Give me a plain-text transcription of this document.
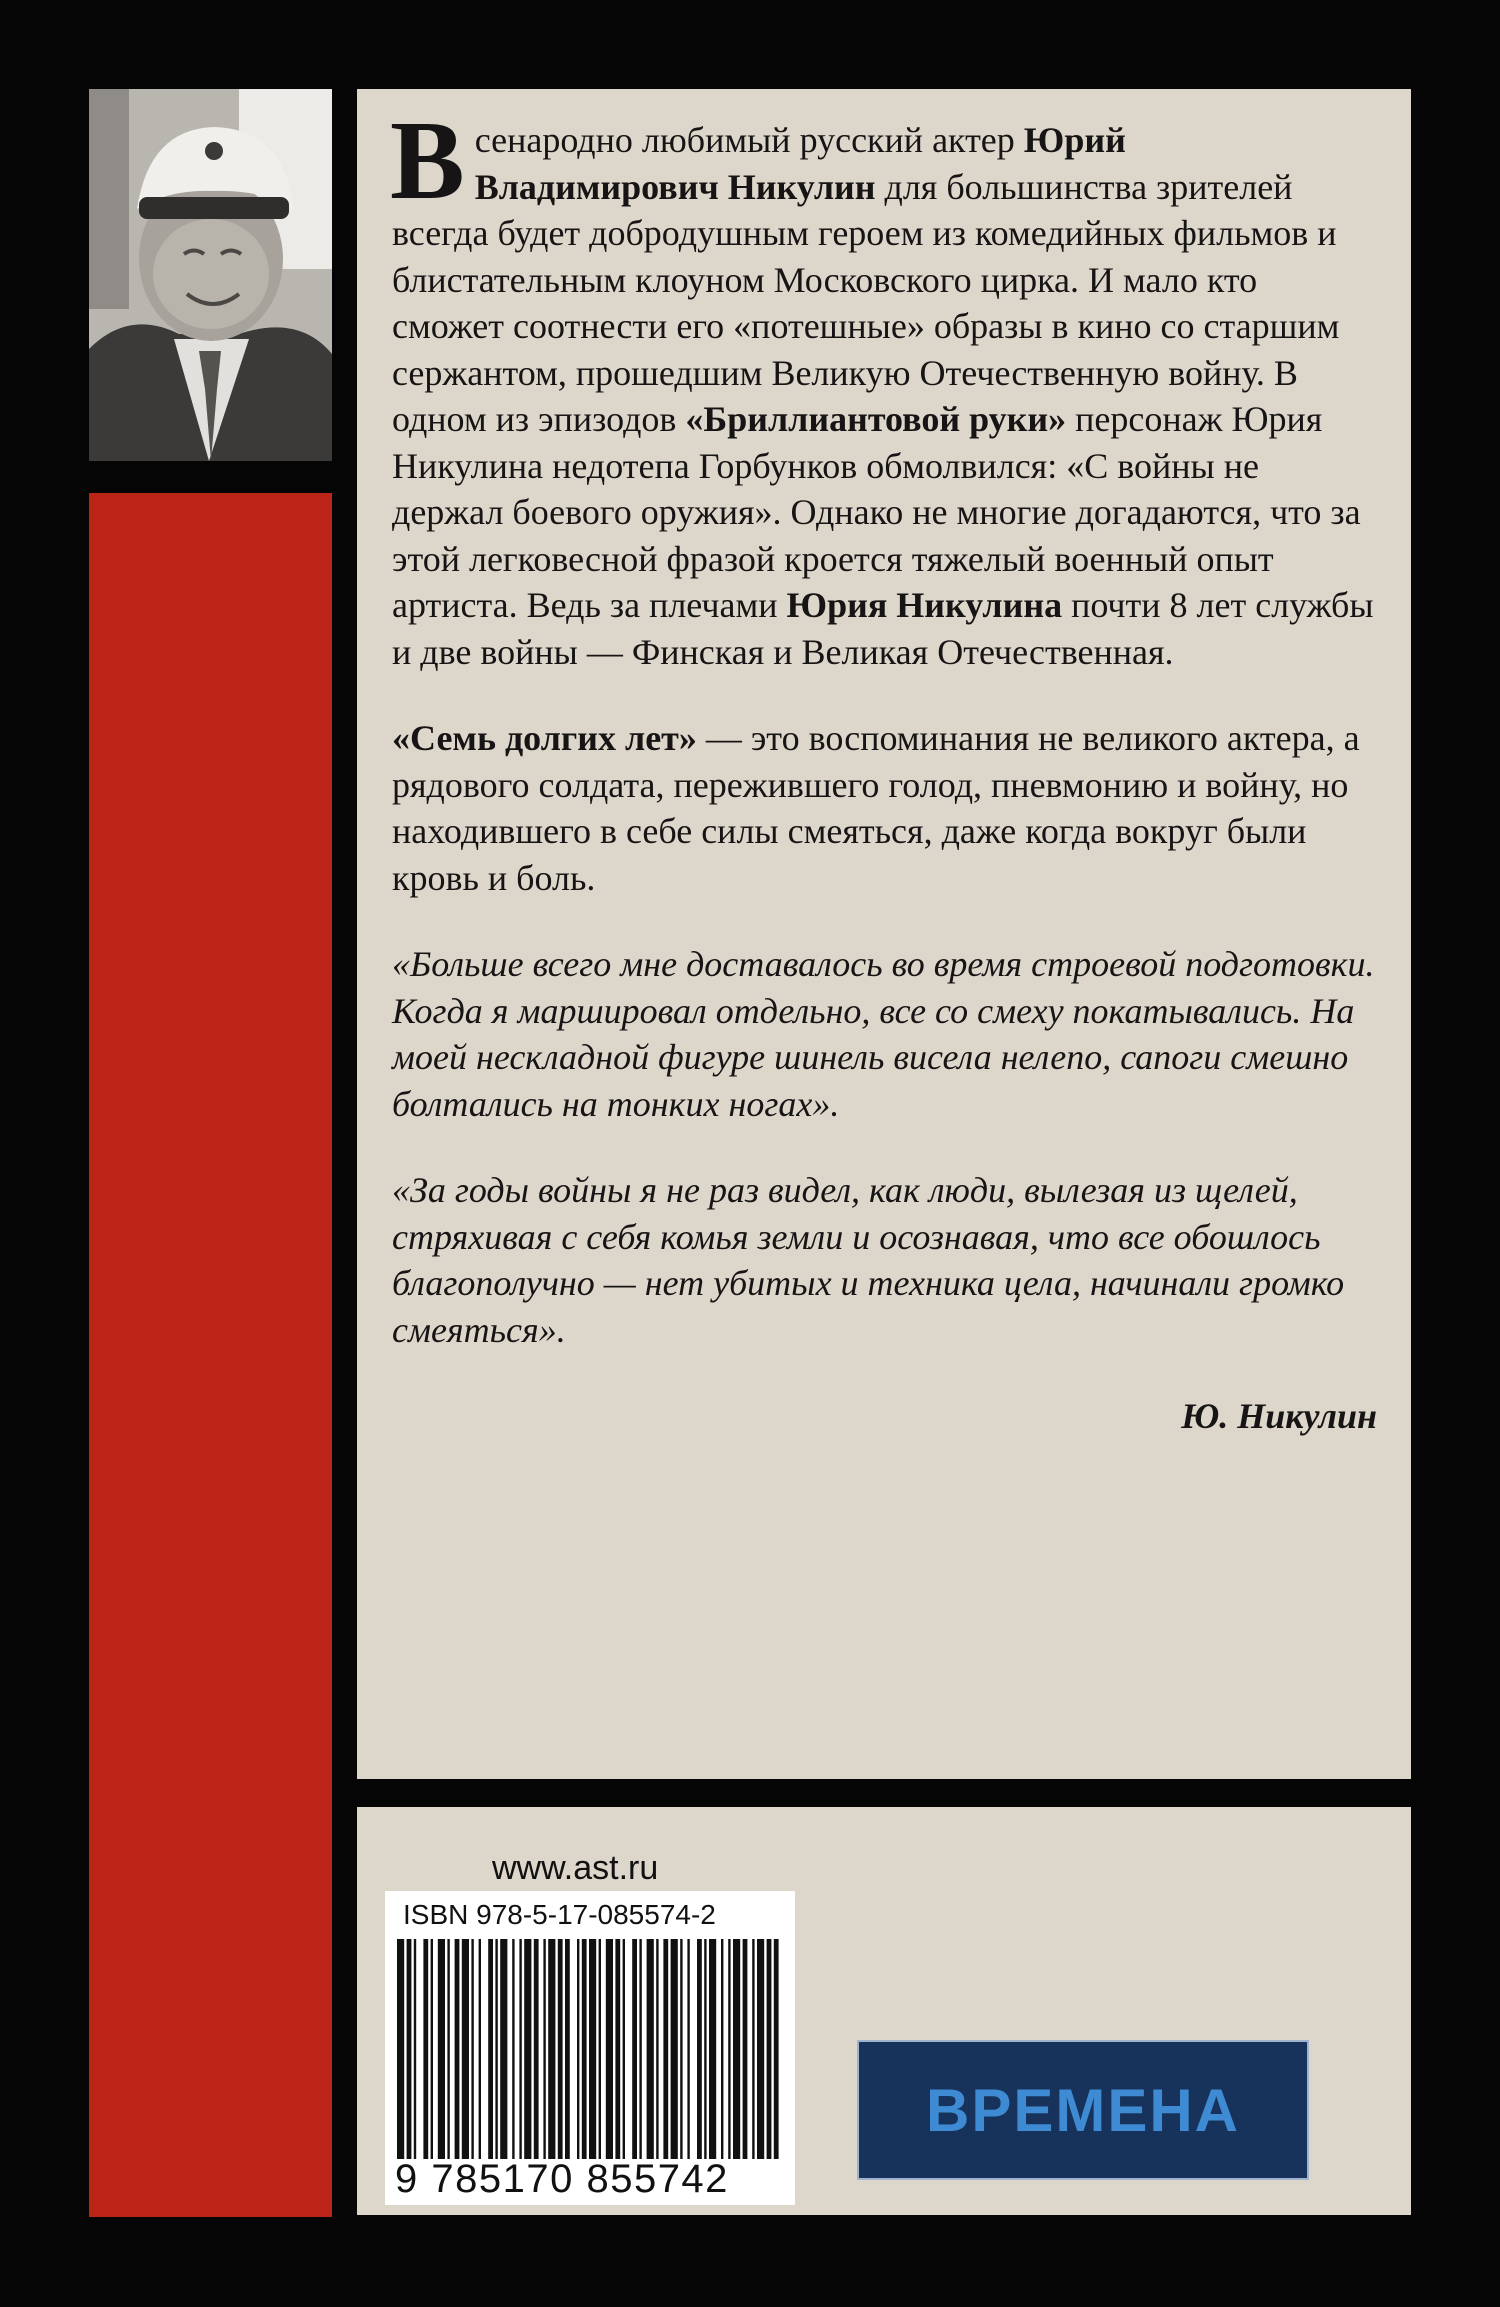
Всенародно любимый русский актер Юрий Владимирович Никулин для большинства зрителей всегда будет добродушным героем из комедийных фильмов и блистательным клоуном Московского цирка. И мало кто сможет соотнести его «потешные» образы в кино со старшим сержантом, прошедшим Великую Отечественную войну. В одном из эпизодов «Бриллиантовой руки» персонаж Юрия Никулина недотепа Горбунков обмолвился: «С войны не держал боевого оружия». Однако не многие догадаются, что за этой легковесной фразой кроется тяжелый военный опыт артиста. Ведь за плечами Юрия Никулина почти 8 лет службы и две войны — Финская и Великая Отечественная.

«Семь долгих лет» — это воспоминания не великого актера, а рядового солдата, пережившего голод, пневмонию и войну, но находившего в себе силы смеяться, даже когда вокруг были кровь и боль.

«Больше всего мне доставалось во время строевой подготовки. Когда я маршировал отдельно, все со смеху покатывались. На моей нескладной фигуре шинель висела нелепо, сапоги смешно болтались на тонких ногах».

«За годы войны я не раз видел, как люди, вылезая из щелей, стряхивая с себя комья земли и осознавая, что все обошлось благополучно — нет убитых и техника цела, начинали громко смеяться».

Ю. Никулин

www.ast.ru
ISBN 978-5-17-085574-2
9 785170 855742
ВРЕМЕНА
